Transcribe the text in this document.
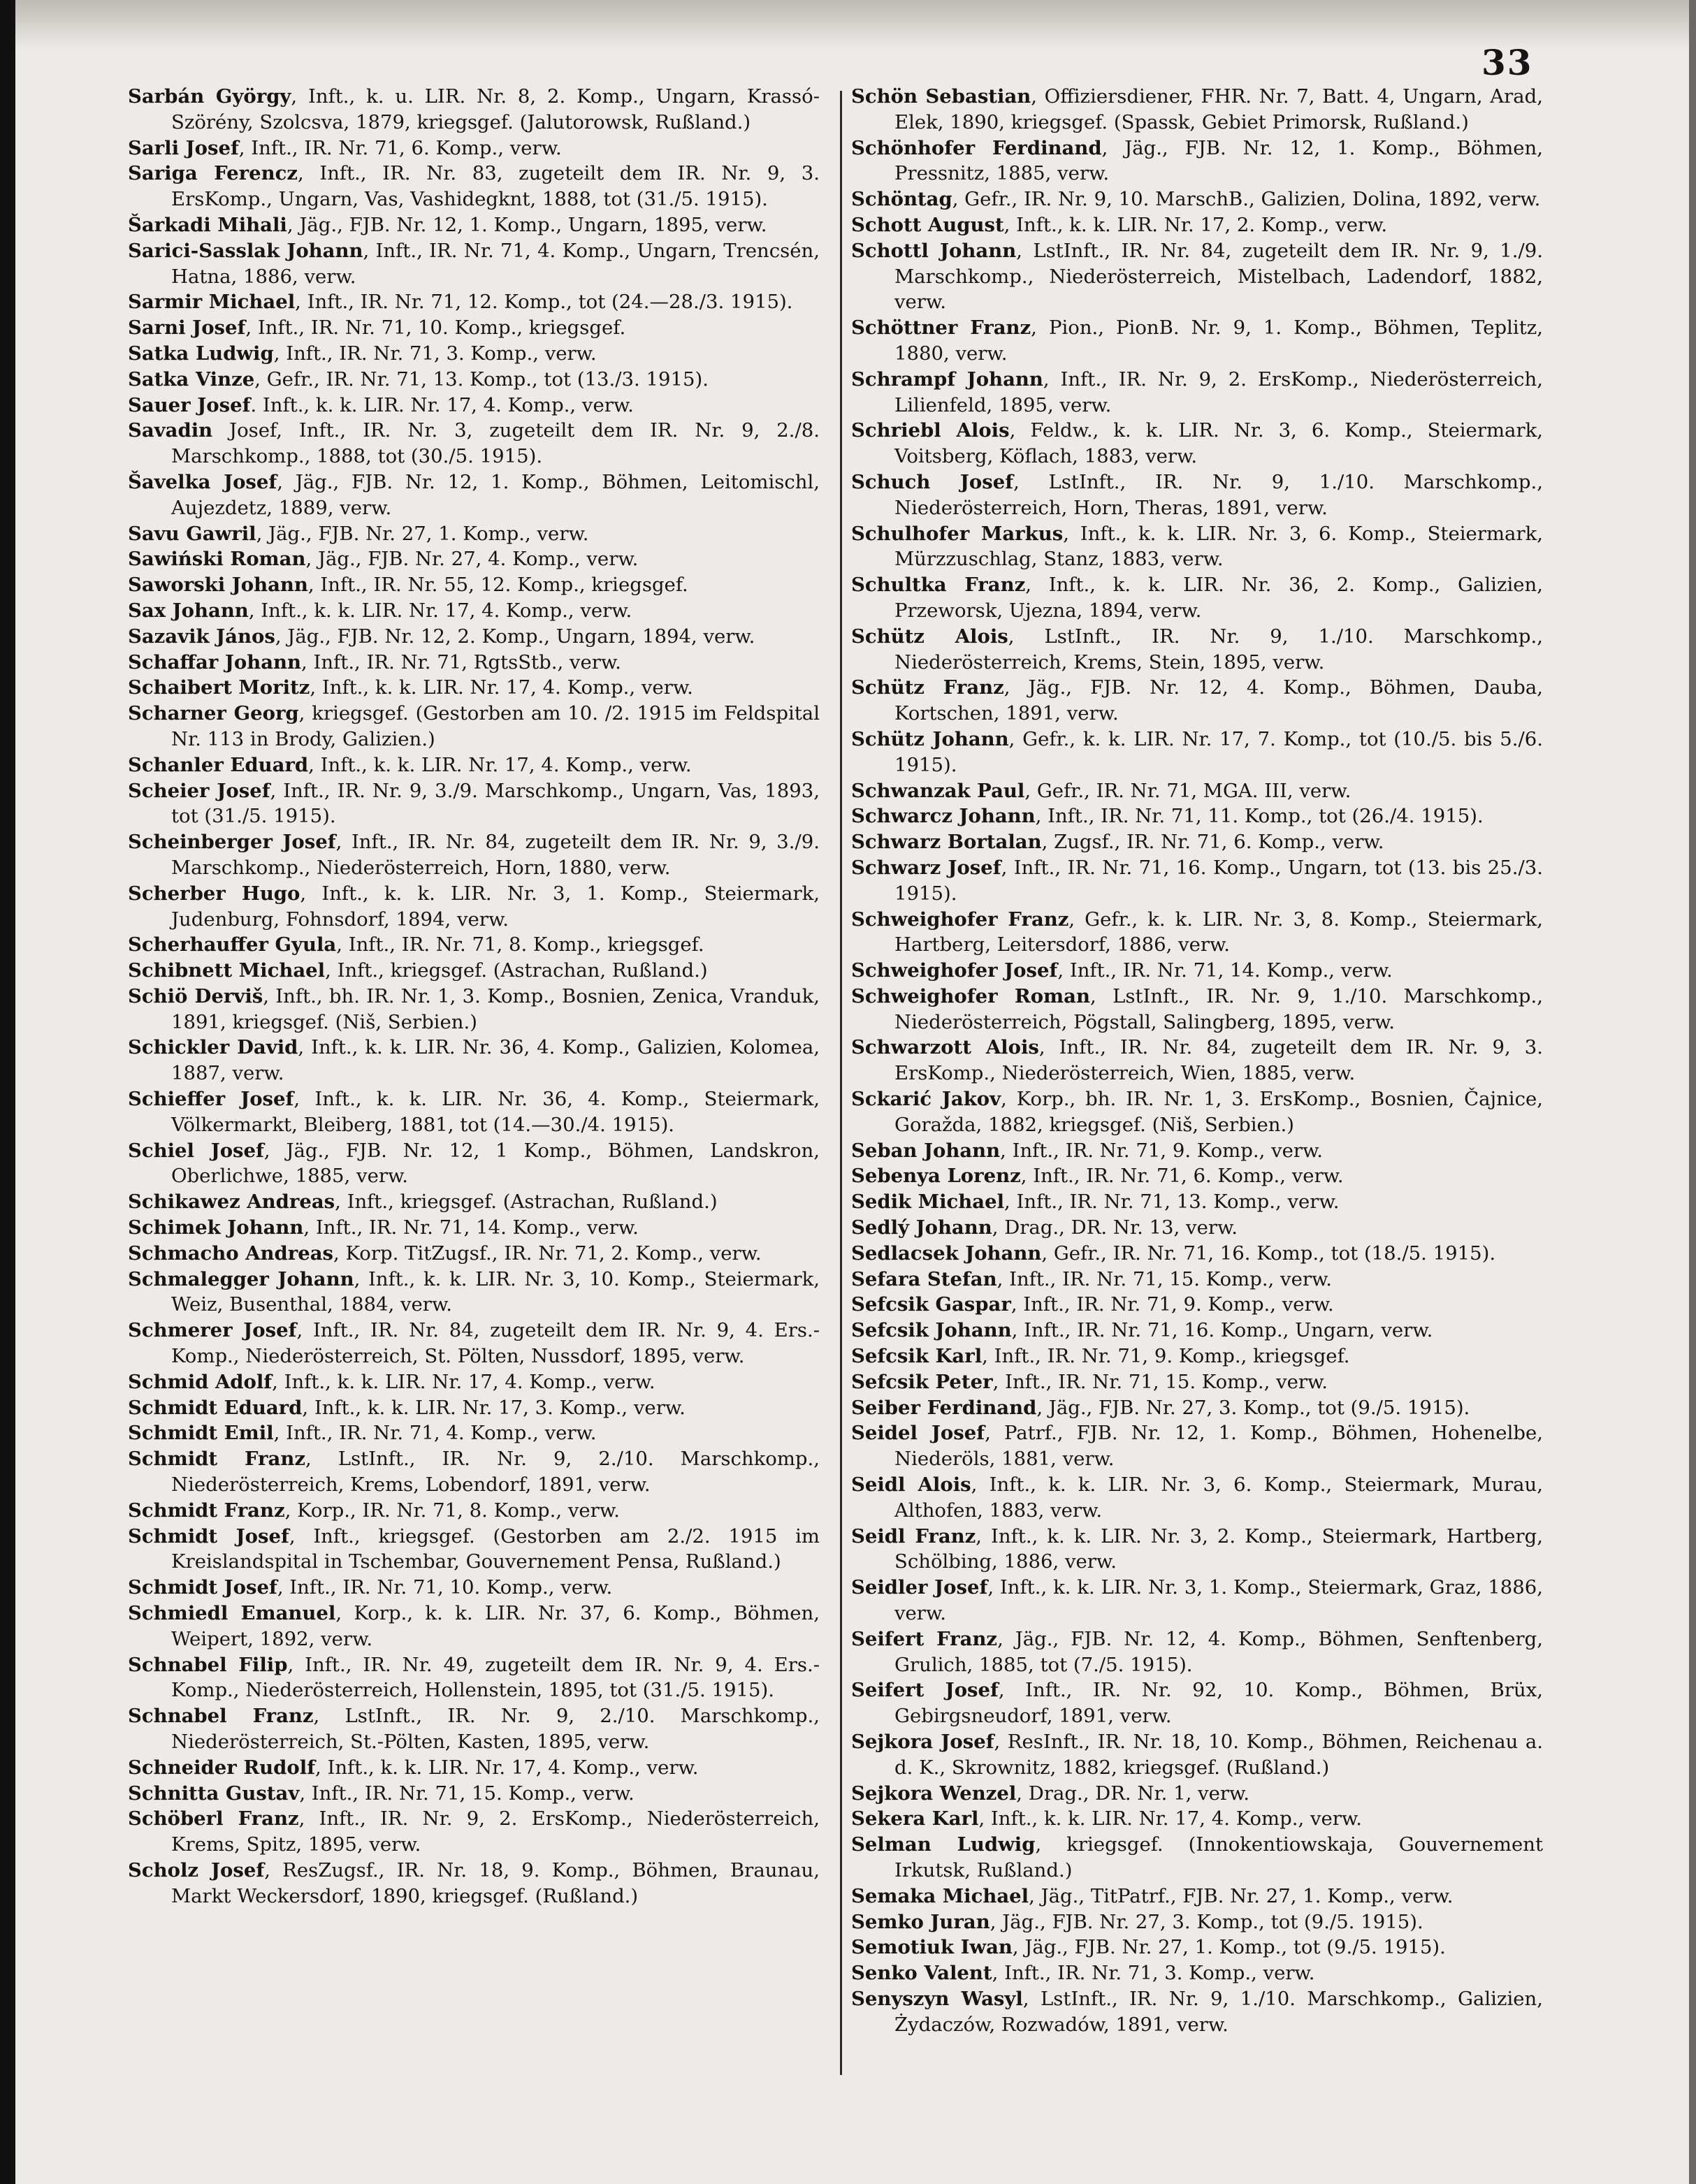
33
Sarbán György, Inft., k. u. LIR. Nr. 8, 2. Komp., Ungarn, Krassó-Szörény, Szolcsva, 1879, kriegsgef. (Jalutorowsk, Rußland.)
Sarli Josef, Inft., IR. Nr. 71, 6. Komp., verw.
Sariga Ferencz, Inft., IR. Nr. 83, zugeteilt dem IR. Nr. 9, 3. ErsKomp., Ungarn, Vas, Vashidegknt, 1888, tot (31./5. 1915).
Šarkadi Mihali, Jäg., FJB. Nr. 12, 1. Komp., Ungarn, 1895, verw.
Sarici-Sasslak Johann, Inft., IR. Nr. 71, 4. Komp., Ungarn, Trencsén, Hatna, 1886, verw.
Sarmir Michael, Inft., IR. Nr. 71, 12. Komp., tot (24.—28./3. 1915).
Sarni Josef, Inft., IR. Nr. 71, 10. Komp., kriegsgef.
Satka Ludwig, Inft., IR. Nr. 71, 3. Komp., verw.
Satka Vinze, Gefr., IR. Nr. 71, 13. Komp., tot (13./3. 1915).
Sauer Josef. Inft., k. k. LIR. Nr. 17, 4. Komp., verw.
Savadin Josef, Inft., IR. Nr. 3, zugeteilt dem IR. Nr. 9, 2./8. Marschkomp., 1888, tot (30./5. 1915).
Šavelka Josef, Jäg., FJB. Nr. 12, 1. Komp., Böhmen, Leitomischl, Aujezdetz, 1889, verw.
Savu Gawril, Jäg., FJB. Nr. 27, 1. Komp., verw.
Sawiński Roman, Jäg., FJB. Nr. 27, 4. Komp., verw.
Saworski Johann, Inft., IR. Nr. 55, 12. Komp., kriegsgef.
Sax Johann, Inft., k. k. LIR. Nr. 17, 4. Komp., verw.
Sazavik János, Jäg., FJB. Nr. 12, 2. Komp., Ungarn, 1894, verw.
Schaffar Johann, Inft., IR. Nr. 71, RgtsStb., verw.
Schaibert Moritz, Inft., k. k. LIR. Nr. 17, 4. Komp., verw.
Scharner Georg, kriegsgef. (Gestorben am 10. /2. 1915 im Feldspital Nr. 113 in Brody, Galizien.)
Schanler Eduard, Inft., k. k. LIR. Nr. 17, 4. Komp., verw.
Scheier Josef, Inft., IR. Nr. 9, 3./9. Marschkomp., Ungarn, Vas, 1893, tot (31./5. 1915).
Scheinberger Josef, Inft., IR. Nr. 84, zugeteilt dem IR. Nr. 9, 3./9. Marschkomp., Niederösterreich, Horn, 1880, verw.
Scherber Hugo, Inft., k. k. LIR. Nr. 3, 1. Komp., Steiermark, Judenburg, Fohnsdorf, 1894, verw.
Scherhauffer Gyula, Inft., IR. Nr. 71, 8. Komp., kriegsgef.
Schibnett Michael, Inft., kriegsgef. (Astrachan, Rußland.)
Schiö Derviš, Inft., bh. IR. Nr. 1, 3. Komp., Bosnien, Zenica, Vranduk, 1891, kriegsgef. (Niš, Serbien.)
Schickler David, Inft., k. k. LIR. Nr. 36, 4. Komp., Galizien, Kolomea, 1887, verw.
Schieffer Josef, Inft., k. k. LIR. Nr. 36, 4. Komp., Steiermark, Völkermarkt, Bleiberg, 1881, tot (14.—30./4. 1915).
Schiel Josef, Jäg., FJB. Nr. 12, 1 Komp., Böhmen, Landskron, Oberlichwe, 1885, verw.
Schikawez Andreas, Inft., kriegsgef. (Astrachan, Rußland.)
Schimek Johann, Inft., IR. Nr. 71, 14. Komp., verw.
Schmacho Andreas, Korp. TitZugsf., IR. Nr. 71, 2. Komp., verw.
Schmalegger Johann, Inft., k. k. LIR. Nr. 3, 10. Komp., Steiermark, Weiz, Busenthal, 1884, verw.
Schmerer Josef, Inft., IR. Nr. 84, zugeteilt dem IR. Nr. 9, 4. Ers.-Komp., Niederösterreich, St. Pölten, Nussdorf, 1895, verw.
Schmid Adolf, Inft., k. k. LIR. Nr. 17, 4. Komp., verw.
Schmidt Eduard, Inft., k. k. LIR. Nr. 17, 3. Komp., verw.
Schmidt Emil, Inft., IR. Nr. 71, 4. Komp., verw.
Schmidt Franz, LstInft., IR. Nr. 9, 2./10. Marschkomp., Niederösterreich, Krems, Lobendorf, 1891, verw.
Schmidt Franz, Korp., IR. Nr. 71, 8. Komp., verw.
Schmidt Josef, Inft., kriegsgef. (Gestorben am 2./2. 1915 im Kreislandspital in Tschembar, Gouvernement Pensa, Rußland.)
Schmidt Josef, Inft., IR. Nr. 71, 10. Komp., verw.
Schmiedl Emanuel, Korp., k. k. LIR. Nr. 37, 6. Komp., Böhmen, Weipert, 1892, verw.
Schnabel Filip, Inft., IR. Nr. 49, zugeteilt dem IR. Nr. 9, 4. Ers.-Komp., Niederösterreich, Hollenstein, 1895, tot (31./5. 1915).
Schnabel Franz, LstInft., IR. Nr. 9, 2./10. Marschkomp., Niederösterreich, St.-Pölten, Kasten, 1895, verw.
Schneider Rudolf, Inft., k. k. LIR. Nr. 17, 4. Komp., verw.
Schnitta Gustav, Inft., IR. Nr. 71, 15. Komp., verw.
Schöberl Franz, Inft., IR. Nr. 9, 2. ErsKomp., Niederösterreich, Krems, Spitz, 1895, verw.
Scholz Josef, ResZugsf., IR. Nr. 18, 9. Komp., Böhmen, Braunau, Markt Weckersdorf, 1890, kriegsgef. (Rußland.)
Schön Sebastian, Offiziersdiener, FHR. Nr. 7, Batt. 4, Ungarn, Arad, Elek, 1890, kriegsgef. (Spassk, Gebiet Primorsk, Rußland.)
Schönhofer Ferdinand, Jäg., FJB. Nr. 12, 1. Komp., Böhmen, Pressnitz, 1885, verw.
Schöntag, Gefr., IR. Nr. 9, 10. MarschB., Galizien, Dolina, 1892, verw.
Schott August, Inft., k. k. LIR. Nr. 17, 2. Komp., verw.
Schottl Johann, LstInft., IR. Nr. 84, zugeteilt dem IR. Nr. 9, 1./9. Marschkomp., Niederösterreich, Mistelbach, Ladendorf, 1882, verw.
Schöttner Franz, Pion., PionB. Nr. 9, 1. Komp., Böhmen, Teplitz, 1880, verw.
Schrampf Johann, Inft., IR. Nr. 9, 2. ErsKomp., Niederösterreich, Lilienfeld, 1895, verw.
Schriebl Alois, Feldw., k. k. LIR. Nr. 3, 6. Komp., Steiermark, Voitsberg, Köflach, 1883, verw.
Schuch Josef, LstInft., IR. Nr. 9, 1./10. Marschkomp., Niederösterreich, Horn, Theras, 1891, verw.
Schulhofer Markus, Inft., k. k. LIR. Nr. 3, 6. Komp., Steiermark, Mürzzuschlag, Stanz, 1883, verw.
Schultka Franz, Inft., k. k. LIR. Nr. 36, 2. Komp., Galizien, Przeworsk, Ujezna, 1894, verw.
Schütz Alois, LstInft., IR. Nr. 9, 1./10. Marschkomp., Niederösterreich, Krems, Stein, 1895, verw.
Schütz Franz, Jäg., FJB. Nr. 12, 4. Komp., Böhmen, Dauba, Kortschen, 1891, verw.
Schütz Johann, Gefr., k. k. LIR. Nr. 17, 7. Komp., tot (10./5. bis 5./6. 1915).
Schwanzak Paul, Gefr., IR. Nr. 71, MGA. III, verw.
Schwarcz Johann, Inft., IR. Nr. 71, 11. Komp., tot (26./4. 1915).
Schwarz Bortalan, Zugsf., IR. Nr. 71, 6. Komp., verw.
Schwarz Josef, Inft., IR. Nr. 71, 16. Komp., Ungarn, tot (13. bis 25./3. 1915).
Schweighofer Franz, Gefr., k. k. LIR. Nr. 3, 8. Komp., Steiermark, Hartberg, Leitersdorf, 1886, verw.
Schweighofer Josef, Inft., IR. Nr. 71, 14. Komp., verw.
Schweighofer Roman, LstInft., IR. Nr. 9, 1./10. Marschkomp., Niederösterreich, Pögstall, Salingberg, 1895, verw.
Schwarzott Alois, Inft., IR. Nr. 84, zugeteilt dem IR. Nr. 9, 3. ErsKomp., Niederösterreich, Wien, 1885, verw.
Sckarić Jakov, Korp., bh. IR. Nr. 1, 3. ErsKomp., Bosnien, Čajnice, Goražda, 1882, kriegsgef. (Niš, Serbien.)
Seban Johann, Inft., IR. Nr. 71, 9. Komp., verw.
Sebenya Lorenz, Inft., IR. Nr. 71, 6. Komp., verw.
Sedik Michael, Inft., IR. Nr. 71, 13. Komp., verw.
Sedlý Johann, Drag., DR. Nr. 13, verw.
Sedlacsek Johann, Gefr., IR. Nr. 71, 16. Komp., tot (18./5. 1915).
Sefara Stefan, Inft., IR. Nr. 71, 15. Komp., verw.
Sefcsik Gaspar, Inft., IR. Nr. 71, 9. Komp., verw.
Sefcsik Johann, Inft., IR. Nr. 71, 16. Komp., Ungarn, verw.
Sefcsik Karl, Inft., IR. Nr. 71, 9. Komp., kriegsgef.
Sefcsik Peter, Inft., IR. Nr. 71, 15. Komp., verw.
Seiber Ferdinand, Jäg., FJB. Nr. 27, 3. Komp., tot (9./5. 1915).
Seidel Josef, Patrf., FJB. Nr. 12, 1. Komp., Böhmen, Hohenelbe, Niederöls, 1881, verw.
Seidl Alois, Inft., k. k. LIR. Nr. 3, 6. Komp., Steiermark, Murau, Althofen, 1883, verw.
Seidl Franz, Inft., k. k. LIR. Nr. 3, 2. Komp., Steiermark, Hartberg, Schölbing, 1886, verw.
Seidler Josef, Inft., k. k. LIR. Nr. 3, 1. Komp., Steiermark, Graz, 1886, verw.
Seifert Franz, Jäg., FJB. Nr. 12, 4. Komp., Böhmen, Senftenberg, Grulich, 1885, tot (7./5. 1915).
Seifert Josef, Inft., IR. Nr. 92, 10. Komp., Böhmen, Brüx, Gebirgsneudorf, 1891, verw.
Sejkora Josef, ResInft., IR. Nr. 18, 10. Komp., Böhmen, Reichenau a. d. K., Skrownitz, 1882, kriegsgef. (Rußland.)
Sejkora Wenzel, Drag., DR. Nr. 1, verw.
Sekera Karl, Inft., k. k. LIR. Nr. 17, 4. Komp., verw.
Selman Ludwig, kriegsgef. (Innokentiowskaja, Gouvernement Irkutsk, Rußland.)
Semaka Michael, Jäg., TitPatrf., FJB. Nr. 27, 1. Komp., verw.
Semko Juran, Jäg., FJB. Nr. 27, 3. Komp., tot (9./5. 1915).
Semotiuk Iwan, Jäg., FJB. Nr. 27, 1. Komp., tot (9./5. 1915).
Senko Valent, Inft., IR. Nr. 71, 3. Komp., verw.
Senyszyn Wasyl, LstInft., IR. Nr. 9, 1./10. Marschkomp., Galizien, Żydaczów, Rozwadów, 1891, verw.
